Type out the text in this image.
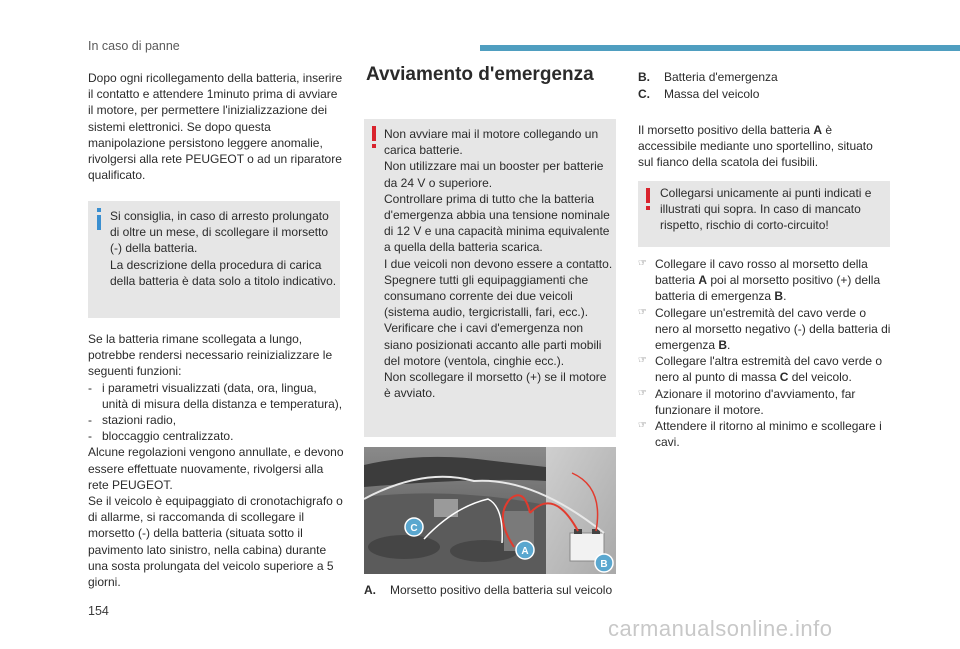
In caso di panne

Dopo ogni ricollegamento della batteria, inserire il contatto e attendere 1minuto prima di avviare il motore, per permettere l'inizializzazione dei sistemi elettronici. Se dopo questa manipolazione persistono leggere anomalie, rivolgersi alla rete PEUGEOT o ad un riparatore qualificato.

Si consiglia, in caso di arresto prolungato di oltre un mese, di scollegare il morsetto (-) della batteria.

La descrizione della procedura di carica della batteria è data solo a titolo indicativo.

Se la batteria rimane scollegata a lungo, potrebbe rendersi necessario reinizializzare le seguenti funzioni:

- i parametri visualizzati (data, ora, lingua, unità di misura della distanza e temperatura),

- stazioni radio,

- bloccaggio centralizzato.

Alcune regolazioni vengono annullate, e devono essere effettuate nuovamente, rivolgersi alla rete PEUGEOT.

Se il veicolo è equipaggiato di cronotachigrafo o di allarme, si raccomanda di scollegare il morsetto (-) della batteria (situata sotto il pavimento lato sinistro, nella cabina) durante una sosta prolungata del veicolo superiore a 5 giorni.

Avviamento d'emergenza

Non avviare mai il motore collegando un carica batterie.

Non utilizzare mai un booster per batterie da 24 V o superiore.

Controllare prima di tutto che la batteria d'emergenza abbia una tensione nominale di 12 V e una capacità minima equivalente a quella della batteria scarica.

I due veicoli non devono essere a contatto.

Spegnere tutti gli equipaggiamenti che consumano corrente dei due veicoli (sistema audio, tergicristalli, fari, ecc.).

Verificare che i cavi d'emergenza non siano posizionati accanto alle parti mobili del motore (ventola, cinghie ecc.).

Non scollegare il morsetto (+) se il motore è avviato.

C
A
B
A. Morsetto positivo della batteria sul veicolo
B. Batteria d'emergenza
C. Massa del veicolo
Il morsetto positivo della batteria A è accessibile mediante uno sportellino, situato sul fianco della scatola dei fusibili.
Collegarsi unicamente ai punti indicati e illustrati qui sopra. In caso di mancato rispetto, rischio di corto-circuito!
☞ Collegare il cavo rosso al morsetto della batteria A poi al morsetto positivo (+) della batteria di emergenza B.
☞ Collegare un'estremità del cavo verde o nero al morsetto negativo (-) della batteria di emergenza B.
☞ Collegare l'altra estremità del cavo verde o nero al punto di massa C del veicolo.
☞ Azionare il motorino d'avviamento, far funzionare il motore.
☞ Attendere il ritorno al minimo e scollegare i cavi.
154
carmanualsonline.info
